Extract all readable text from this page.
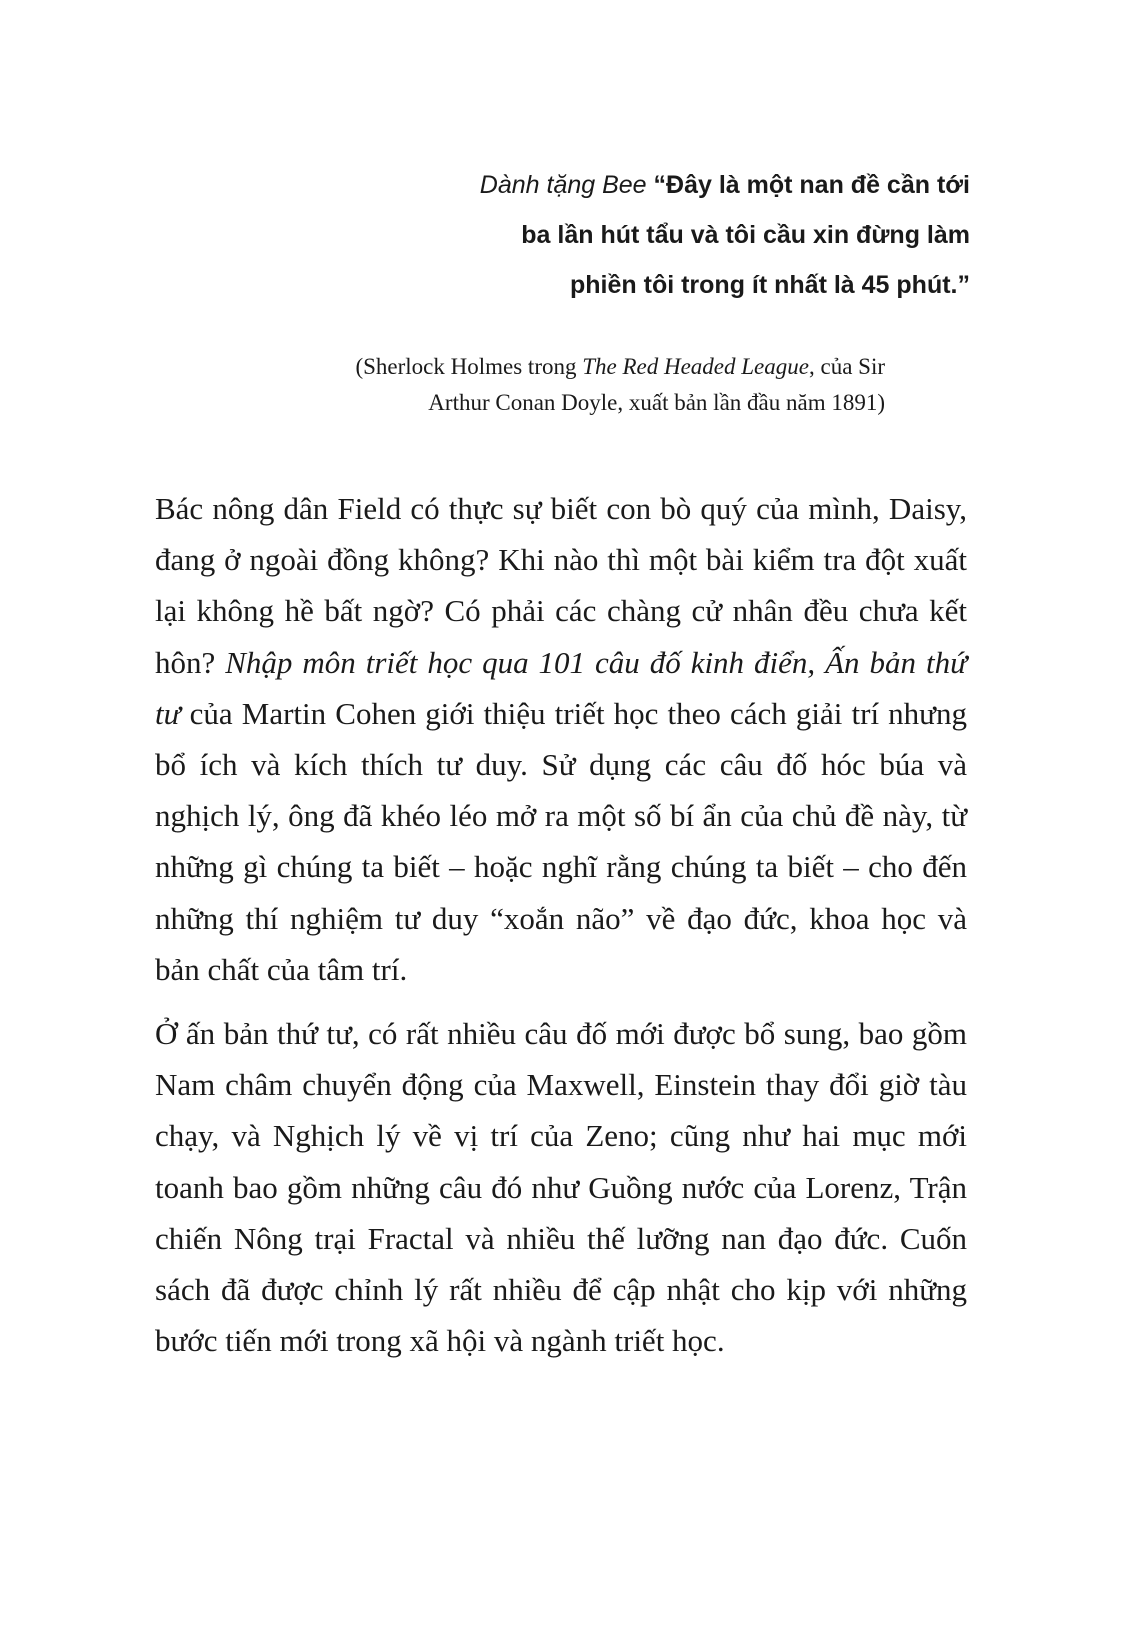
Dành tặng Bee “Đây là một nan đề cần tới ba lần hút tẩu và tôi cầu xin đừng làm phiền tôi trong ít nhất là 45 phút.”
(Sherlock Holmes trong The Red Headed League, của Sir Arthur Conan Doyle, xuất bản lần đầu năm 1891)

Bác nông dân Field có thực sự biết con bò quý của mình, Daisy, đang ở ngoài đồng không? Khi nào thì một bài kiểm tra đột xuất lại không hề bất ngờ? Có phải các chàng cử nhân đều chưa kết hôn? Nhập môn triết học qua 101 câu đố kinh điển, Ấn bản thứ tư của Martin Cohen giới thiệu triết học theo cách giải trí nhưng bổ ích và kích thích tư duy. Sử dụng các câu đố hóc búa và nghịch lý, ông đã khéo léo mở ra một số bí ẩn của chủ đề này, từ những gì chúng ta biết – hoặc nghĩ rằng chúng ta biết – cho đến những thí nghiệm tư duy “xoắn não” về đạo đức, khoa học và bản chất của tâm trí.

Ở ấn bản thứ tư, có rất nhiều câu đố mới được bổ sung, bao gồm Nam châm chuyển động của Maxwell, Einstein thay đổi giờ tàu chạy, và Nghịch lý về vị trí của Zeno; cũng như hai mục mới toanh bao gồm những câu đó như Guồng nước của Lorenz, Trận chiến Nông trại Fractal và nhiều thế lưỡng nan đạo đức. Cuốn sách đã được chỉnh lý rất nhiều để cập nhật cho kịp với những bước tiến mới trong xã hội và ngành triết học.
